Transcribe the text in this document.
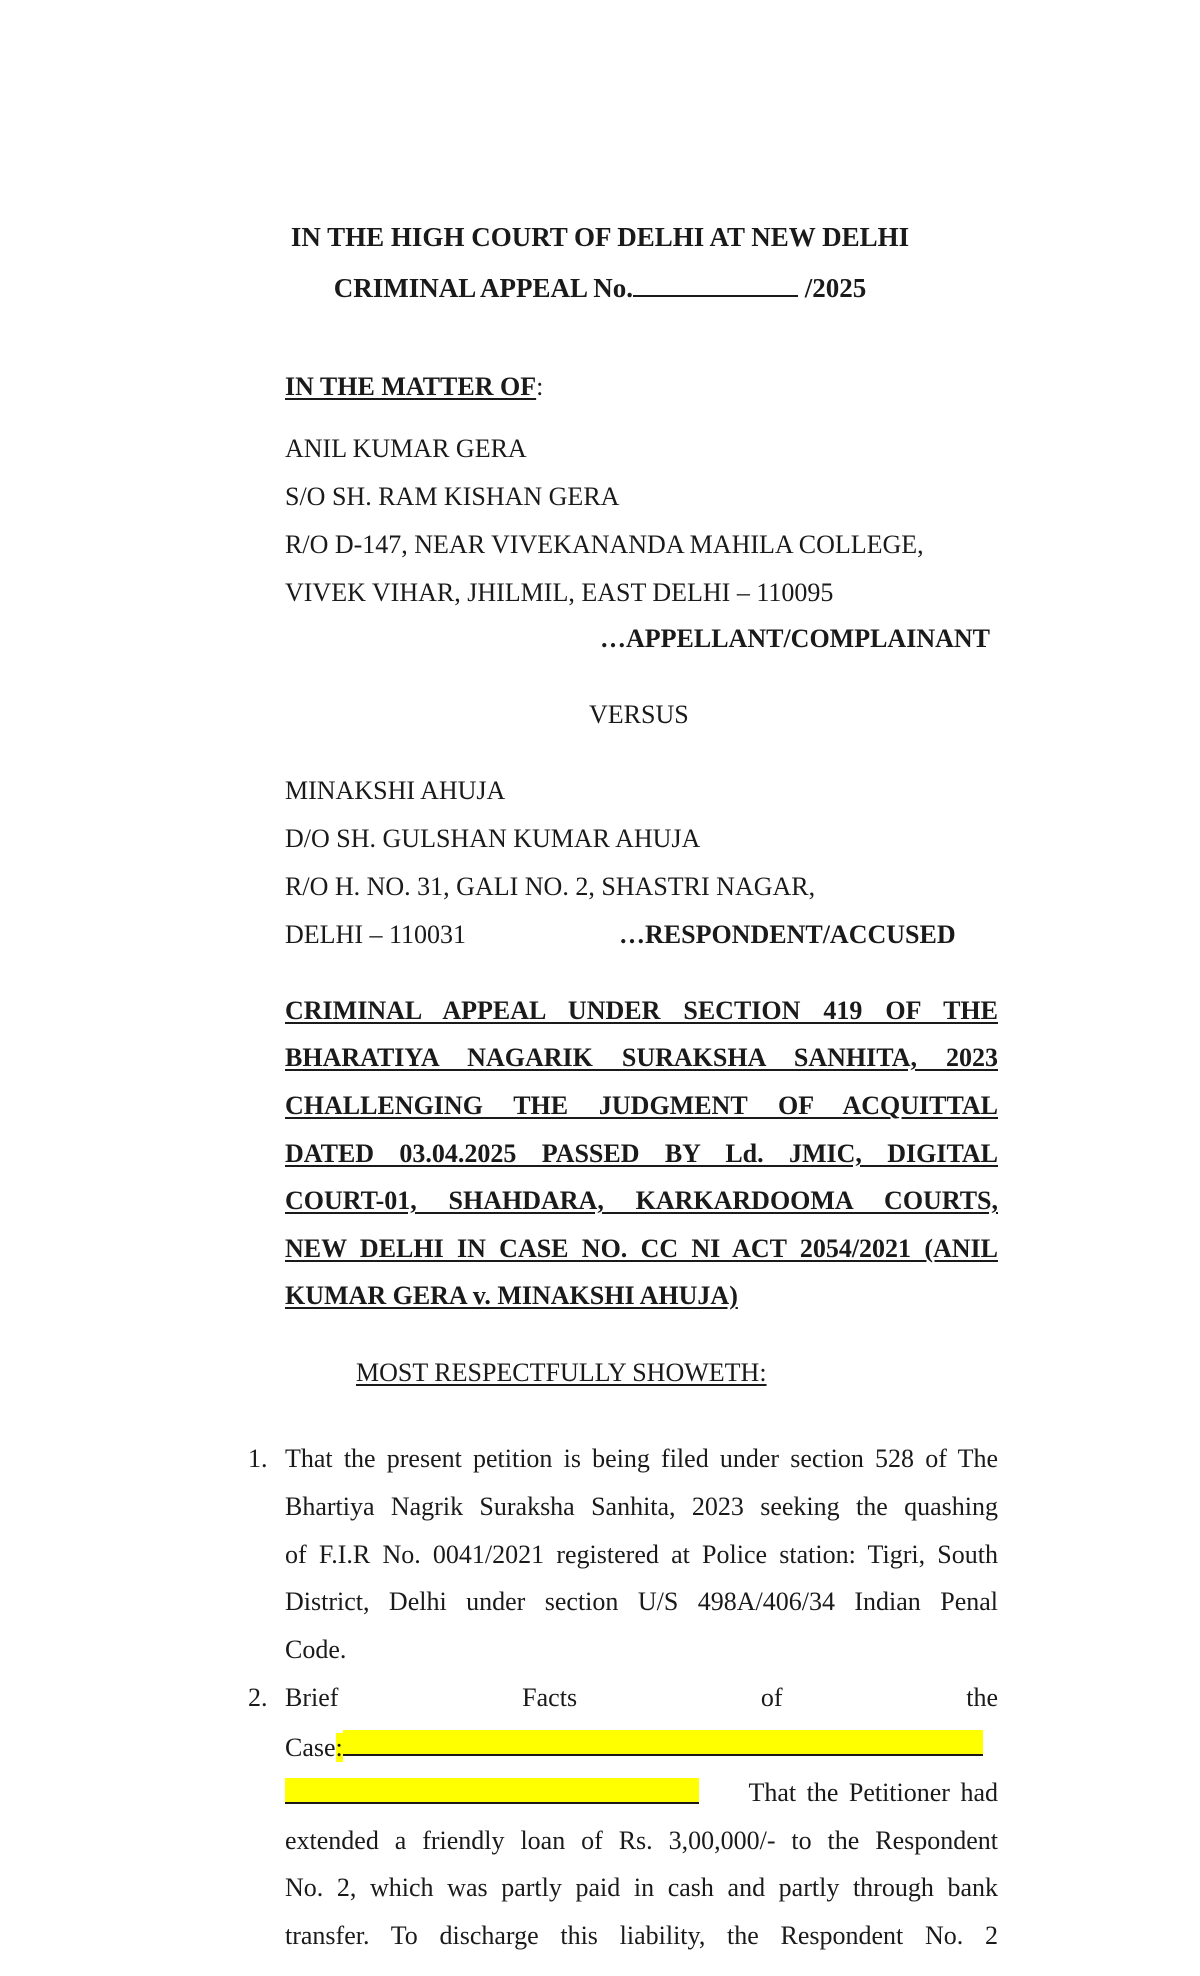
IN THE HIGH COURT OF DELHI AT NEW DELHI
CRIMINAL APPEAL No.	/2025
IN THE MATTER OF:
ANIL KUMAR GERA
S/O SH. RAM KISHAN GERA
R/O D-147, NEAR VIVEKANANDA MAHILA COLLEGE,
VIVEK VIHAR, JHILMIL, EAST DELHI – 110095
…APPELLANT/COMPLAINANT
VERSUS
MINAKSHI AHUJA
D/O SH. GULSHAN KUMAR AHUJA
R/O H. NO. 31, GALI NO. 2, SHASTRI NAGAR,
DELHI – 110031	…RESPONDENT/ACCUSED
CRIMINAL APPEAL UNDER SECTION 419 OF THE
BHARATIYA NAGARIK SURAKSHA SANHITA, 2023
CHALLENGING THE JUDGMENT OF ACQUITTAL
DATED 03.04.2025 PASSED BY Ld. JMIC, DIGITAL
COURT-01, SHAHDARA, KARKARDOOMA COURTS,
NEW DELHI IN CASE NO. CC NI ACT 2054/2021 (ANIL
KUMAR GERA v. MINAKSHI AHUJA)
MOST RESPECTFULLY SHOWETH:
1. That the present petition is being filed under section 528 of The
Bhartiya Nagrik Suraksha Sanhita, 2023 seeking the quashing
of F.I.R No. 0041/2021 registered at Police station: Tigri, South
District, Delhi under section U/S 498A/406/34 Indian Penal
Code.
2. Brief Facts of the
Case:
That the Petitioner had
extended a friendly loan of Rs. 3,00,000/- to the Respondent
No. 2, which was partly paid in cash and partly through bank
transfer. To discharge this liability, the Respondent No. 2
